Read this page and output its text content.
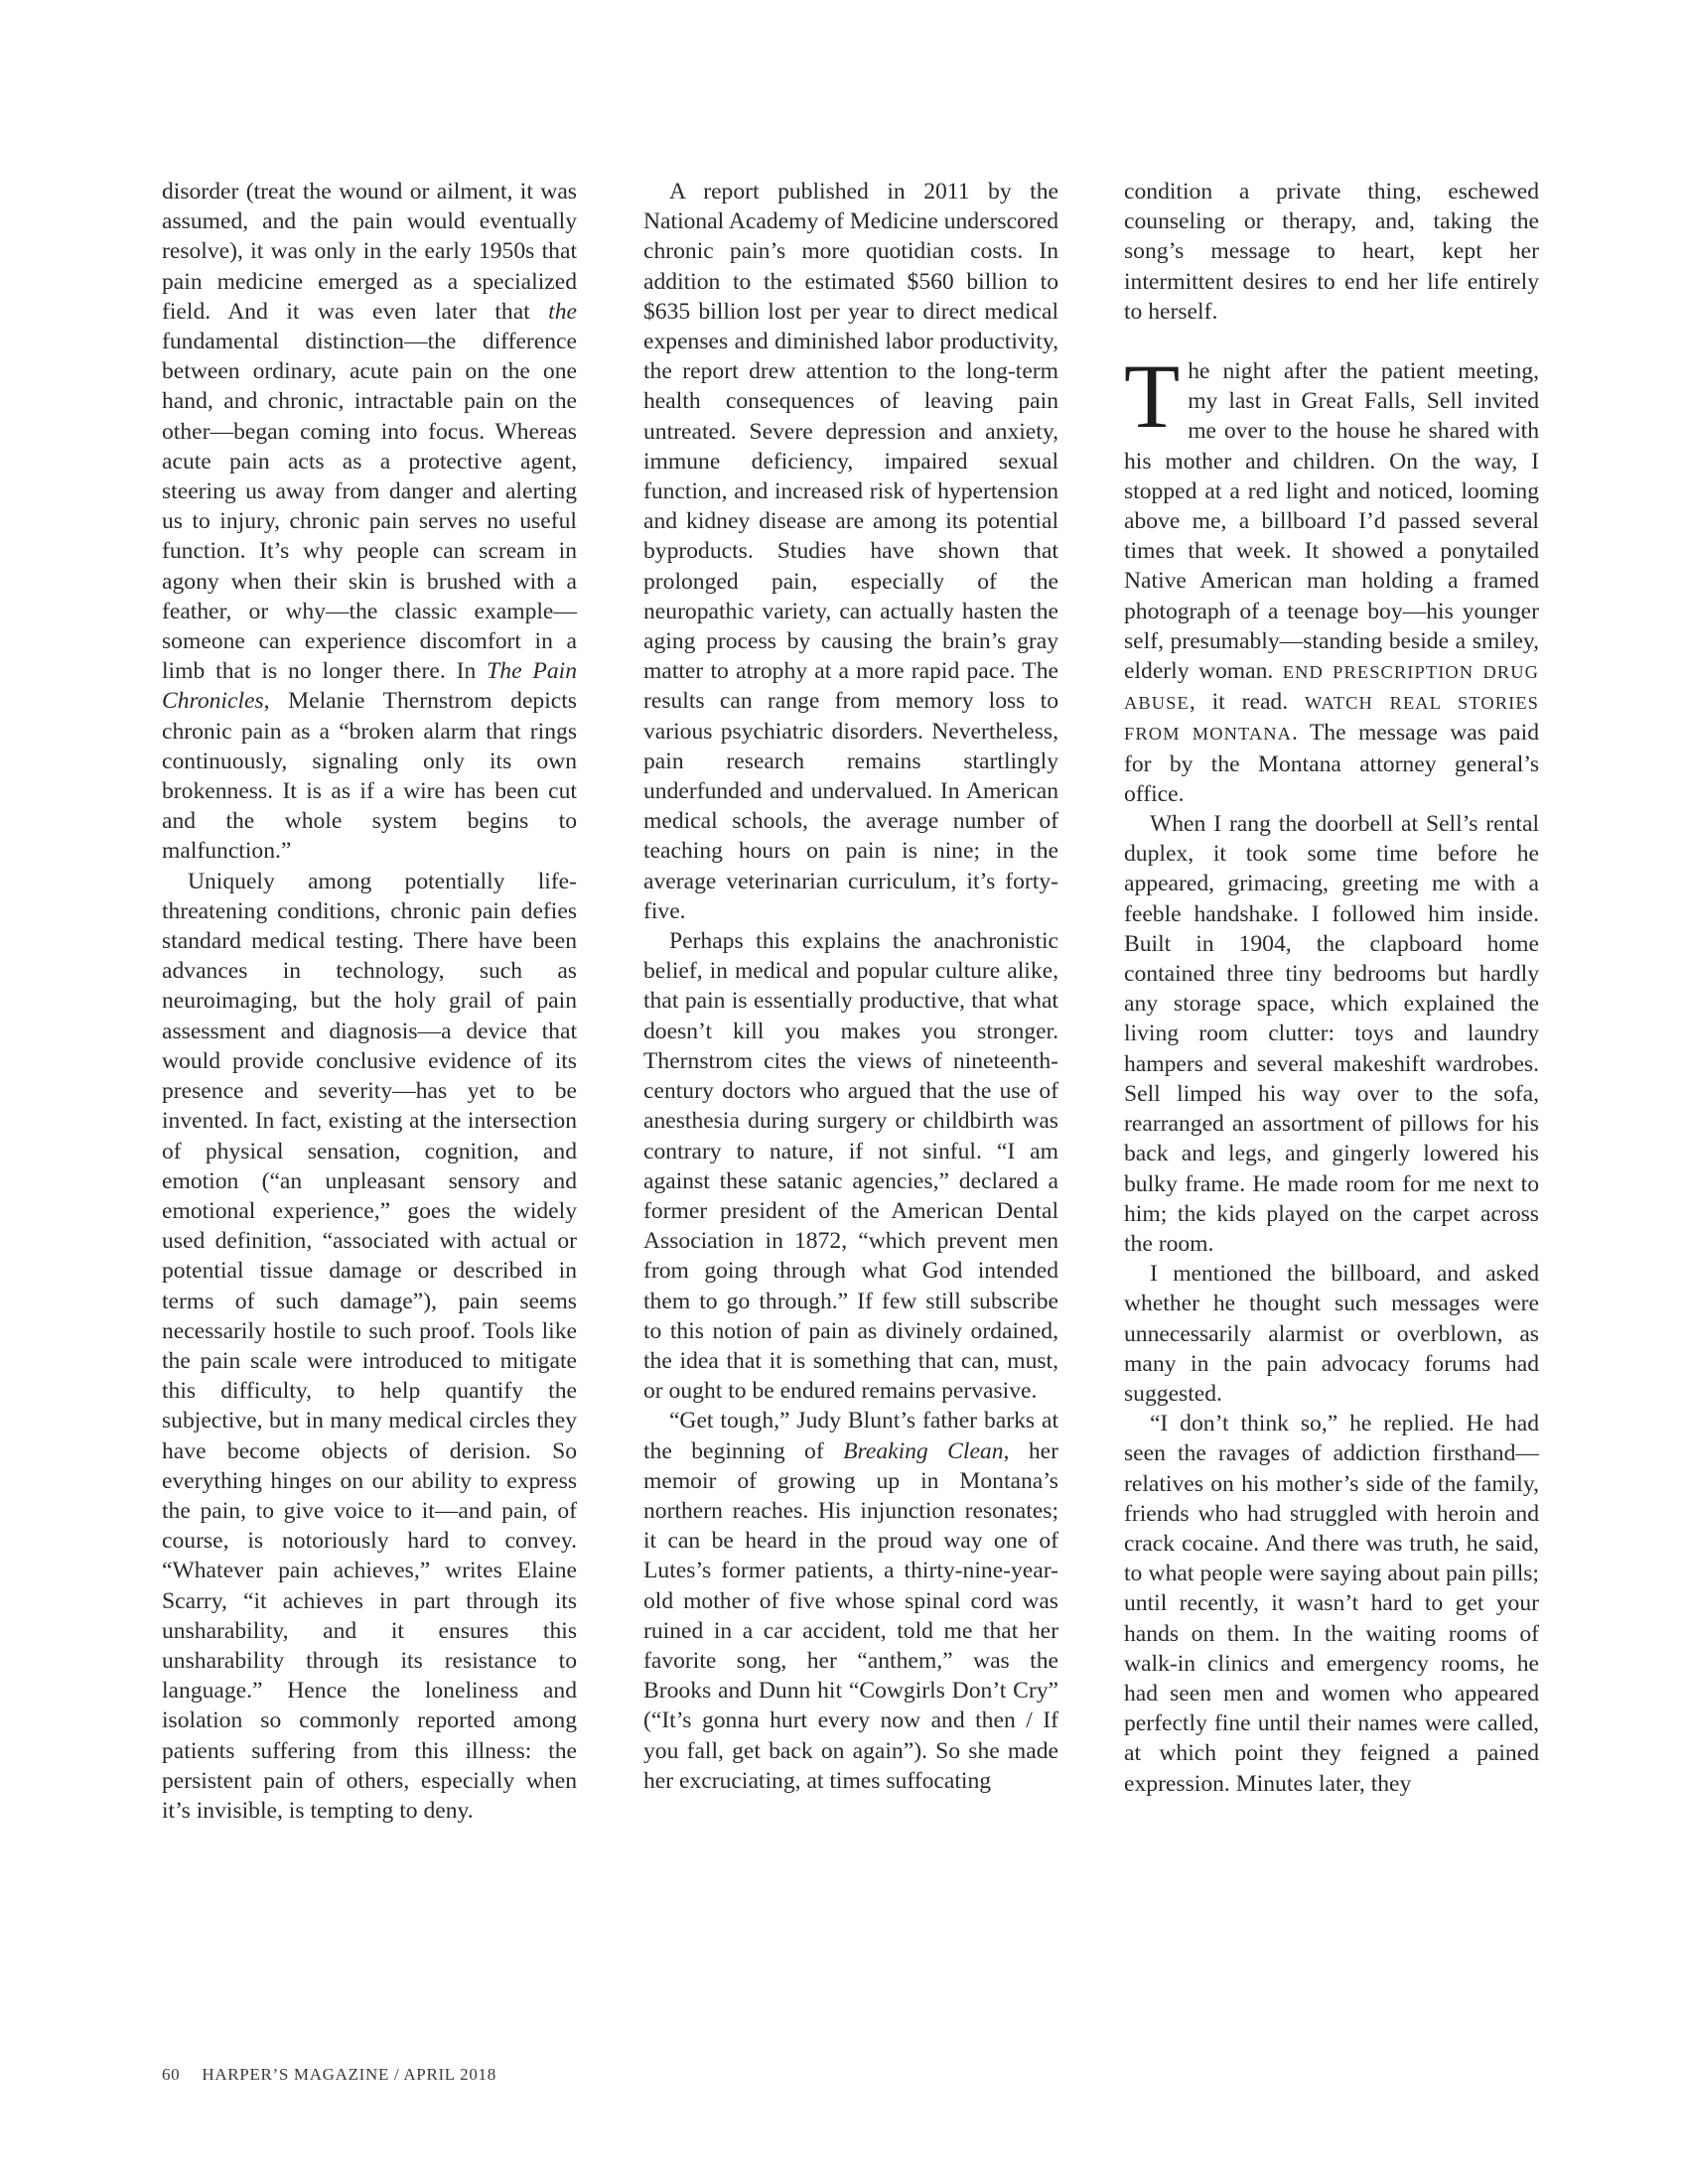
disorder (treat the wound or ailment, it was assumed, and the pain would eventually resolve), it was only in the early 1950s that pain medicine emerged as a specialized field. And it was even later that the fundamental distinction—the difference between ordinary, acute pain on the one hand, and chronic, intractable pain on the other—began coming into focus. Whereas acute pain acts as a protective agent, steering us away from danger and alerting us to injury, chronic pain serves no useful function. It’s why people can scream in agony when their skin is brushed with a feather, or why—the classic example—someone can experience discomfort in a limb that is no longer there. In The Pain Chronicles, Melanie Thernstrom depicts chronic pain as a “broken alarm that rings continuously, signaling only its own brokenness. It is as if a wire has been cut and the whole system begins to malfunction.”

Uniquely among potentially life-threatening conditions, chronic pain defies standard medical testing. There have been advances in technology, such as neuroimaging, but the holy grail of pain assessment and diagnosis—a device that would provide conclusive evidence of its presence and severity—has yet to be invented. In fact, existing at the intersection of physical sensation, cognition, and emotion (“an unpleasant sensory and emotional experience,” goes the widely used definition, “associated with actual or potential tissue damage or described in terms of such damage”), pain seems necessarily hostile to such proof. Tools like the pain scale were introduced to mitigate this difficulty, to help quantify the subjective, but in many medical circles they have become objects of derision. So everything hinges on our ability to express the pain, to give voice to it—and pain, of course, is notoriously hard to convey. “Whatever pain achieves,” writes Elaine Scarry, “it achieves in part through its unsharability, and it ensures this unsharability through its resistance to language.” Hence the loneliness and isolation so commonly reported among patients suffering from this illness: the persistent pain of others, especially when it’s invisible, is tempting to deny.

A report published in 2011 by the National Academy of Medicine underscored chronic pain’s more quotidian costs. In addition to the estimated $560 billion to $635 billion lost per year to direct medical expenses and diminished labor productivity, the report drew attention to the long-term health consequences of leaving pain untreated. Severe depression and anxiety, immune deficiency, impaired sexual function, and increased risk of hypertension and kidney disease are among its potential byproducts. Studies have shown that prolonged pain, especially of the neuropathic variety, can actually hasten the aging process by causing the brain’s gray matter to atrophy at a more rapid pace. The results can range from memory loss to various psychiatric disorders. Nevertheless, pain research remains startlingly underfunded and undervalued. In American medical schools, the average number of teaching hours on pain is nine; in the average veterinarian curriculum, it’s forty-five.

Perhaps this explains the anachronistic belief, in medical and popular culture alike, that pain is essentially productive, that what doesn’t kill you makes you stronger. Thernstrom cites the views of nineteenth-century doctors who argued that the use of anesthesia during surgery or childbirth was contrary to nature, if not sinful. “I am against these satanic agencies,” declared a former president of the American Dental Association in 1872, “which prevent men from going through what God intended them to go through.” If few still subscribe to this notion of pain as divinely ordained, the idea that it is something that can, must, or ought to be endured remains pervasive.

“Get tough,” Judy Blunt’s father barks at the beginning of Breaking Clean, her memoir of growing up in Montana’s northern reaches. His injunction resonates; it can be heard in the proud way one of Lutes’s former patients, a thirty-nine-year-old mother of five whose spinal cord was ruined in a car accident, told me that her favorite song, her “anthem,” was the Brooks and Dunn hit “Cowgirls Don’t Cry” (“It’s gonna hurt every now and then / If you fall, get back on again”). So she made her excruciating, at times suffocating

condition a private thing, eschewed counseling or therapy, and, taking the song’s message to heart, kept her intermittent desires to end her life entirely to herself.

The night after the patient meeting, my last in Great Falls, Sell invited me over to the house he shared with his mother and children. On the way, I stopped at a red light and noticed, looming above me, a billboard I’d passed several times that week. It showed a ponytailed Native American man holding a framed photograph of a teenage boy—his younger self, presumably—standing beside a smiley, elderly woman. END PRESCRIPTION DRUG ABUSE, it read. WATCH REAL STORIES FROM MONTANA. The message was paid for by the Montana attorney general’s office.

When I rang the doorbell at Sell’s rental duplex, it took some time before he appeared, grimacing, greeting me with a feeble handshake. I followed him inside. Built in 1904, the clapboard home contained three tiny bedrooms but hardly any storage space, which explained the living room clutter: toys and laundry hampers and several makeshift wardrobes. Sell limped his way over to the sofa, rearranged an assortment of pillows for his back and legs, and gingerly lowered his bulky frame. He made room for me next to him; the kids played on the carpet across the room.

I mentioned the billboard, and asked whether he thought such messages were unnecessarily alarmist or overblown, as many in the pain advocacy forums had suggested.

“I don’t think so,” he replied. He had seen the ravages of addiction firsthand—relatives on his mother’s side of the family, friends who had struggled with heroin and crack cocaine. And there was truth, he said, to what people were saying about pain pills; until recently, it wasn’t hard to get your hands on them. In the waiting rooms of walk-in clinics and emergency rooms, he had seen men and women who appeared perfectly fine until their names were called, at which point they feigned a pained expression. Minutes later, they

60 HARPER’S MAGAZINE / APRIL 2018
